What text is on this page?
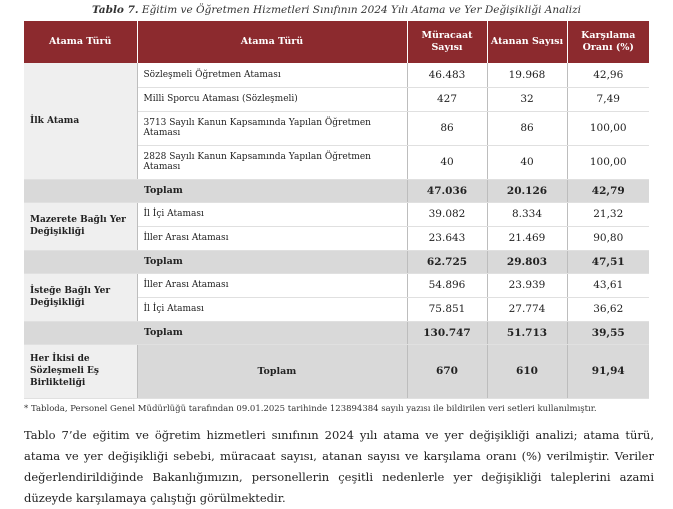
Tablo 7. Eğitim ve Öğretmen Hizmetleri Sınıfının 2024 Yılı Atama ve Yer Değişikliği Analizi
Atama Türü	Atama Türü	Müracaat Sayısı	Atanan Sayısı	Karşılama Oranı (%)
İlk Atama	Sözleşmeli Öğretmen Ataması	46.483	19.968	42,96
	Milli Sporcu Ataması (Sözleşmeli)	427	32	7,49
	3713 Sayılı Kanun Kapsamında Yapılan Öğretmen Ataması	86	86	100,00
	2828 Sayılı Kanun Kapsamında Yapılan Öğretmen Ataması	40	40	100,00
Toplam		47.036	20.126	42,79
Mazerete Bağlı Yer Değişikliği	İl İçi Ataması	39.082	8.334	21,32
	İller Arası Ataması	23.643	21.469	90,80
Toplam		62.725	29.803	47,51
İsteğe Bağlı Yer Değişikliği	İller Arası Ataması	54.896	23.939	43,61
	İl İçi Ataması	75.851	27.774	36,62
Toplam		130.747	51.713	39,55
Her İkisi de Sözleşmeli Eş Birlikteliği	Toplam	670	610	91,94
* Tabloda, Personel Genel Müdürlüğü tarafından 09.01.2025 tarihinde 123894384 sayılı yazısı ile bildirilen veri setleri kullanılmıştır.
Tablo 7’de eğitim ve öğretim hizmetleri sınıfının 2024 yılı atama ve yer değişikliği analizi; atama türü, atama ve yer değişikliği sebebi, müracaat sayısı, atanan sayısı ve karşılama oranı (%) verilmiştir. Veriler değerlendirildiğinde Bakanlığımızın, personellerin çeşitli nedenlerle yer değişikliği taleplerini azami düzeyde karşılamaya çalıştığı görülmektedir.
